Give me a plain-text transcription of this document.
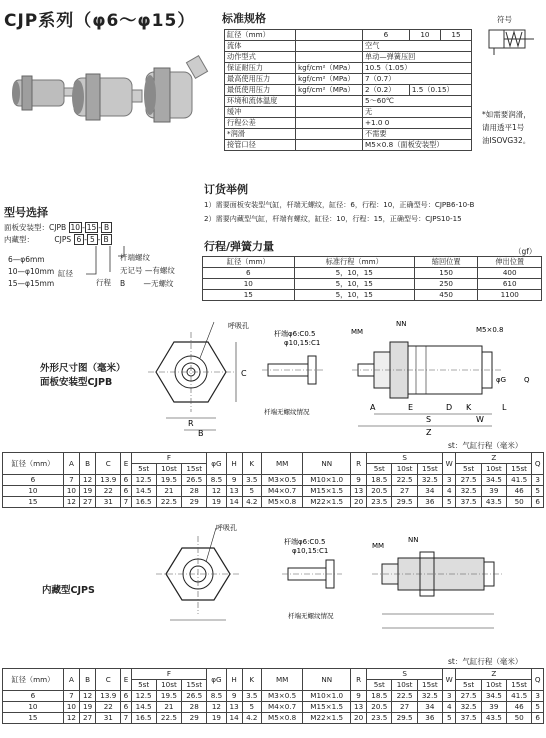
CJP系列（φ6～φ15） 标准规格
缸径（mm）		6	10	15
流体		空气		
动作型式		单动—弹簧压回		
保证耐压力	kgf/cm²（MPa）	10.5（1.05）		
最高使用压力	kgf/cm²（MPa）	7（0.7）		
最低使用压力	kgf/cm²（MPa）	2（0.2）	1.5（0.15）	
环境和流体温度		5～60℃		
缓冲		无		
行程公差		+1.0 0		
*润滑		不需要		
接管口径		M5×0.8（面板安装型）		
符号
*如需要润滑，
请用透平1号
油ISOVG32。
订货举例
1）需要面板安装型气缸，杆端无螺纹，缸径：6，行程：10，正确型号：CJPB6-10-B
2）需要内藏型气缸，杆端有螺纹，缸径：10，行程：15，正确型号：CJPS10-15
型号选择
面板安装型：CJPB 10 - 15 - B
内藏型：	CJPS 6 - 5 - B
6—φ6mm
10—φ10mm
15—φ15mm
缸径
行程
杆端螺纹
无记号 —有螺纹
B —无螺纹
行程/弹簧力量	（gf）
缸径（mm）	标准行程（mm）	缩回位置	伸出位置
6	5，10，15	150	400
10	5，10，15	250	610
15	5，10，15	450	1100
外形尺寸图（毫米）
面板安装型CJPB
呼吸孔
C
R
B
杆端φ6:C0.5
φ10,15:C1
杆端无螺纹情况
MM
NN
M5×0.8
A	E	D
S
Z
K
W
φG	Q
L
st：气缸行程（毫米）
缸径（mm）	A	B	C	E	F			φG	H	K	MM	NN	R	S			W	Z			Q
					5st	10st	15st							5st	10st	15st		5st	10st	15st	
6	7	12	13.9	6	12.5	19.5	26.5	8.5	9	3.5	M3×0.5	M10×1.0	9	18.5	22.5	32.5	3	27.5	34.5	41.5	3
10	10	19	22	6	14.5	21	28	12	13	5	M4×0.7	M15×1.5	13	20.5	27	34	4	32.5	39	46	5
15	12	27	31	7	16.5	22.5	29	19	14	4.2	M5×0.8	M22×1.5	20	23.5	29.5	36	5	37.5	43.5	50	6
内藏型CJPS
呼吸孔
杆端φ6:C0.5
φ10,15:C1
杆端无螺纹情况
MM
NN
st：气缸行程（毫米）
缸径（mm）	A	B	C	E	F			φG	H	K	MM	NN	R	S			W	Z			Q
					5st	10st	15st							5st	10st	15st		5st	10st	15st	
6	7	12	13.9	6	12.5	19.5	26.5	8.5	9	3.5	M3×0.5	M10×1.0	9	18.5	22.5	32.5	3	27.5	34.5	41.5	3
10	10	19	22	6	14.5	21	28	12	13	5	M4×0.7	M15×1.5	13	20.5	27	34	4	32.5	39	46	5
15	12	27	31	7	16.5	22.5	29	19	14	4.2	M5×0.8	M22×1.5	20	23.5	29.5	36	5	37.5	43.5	50	6
